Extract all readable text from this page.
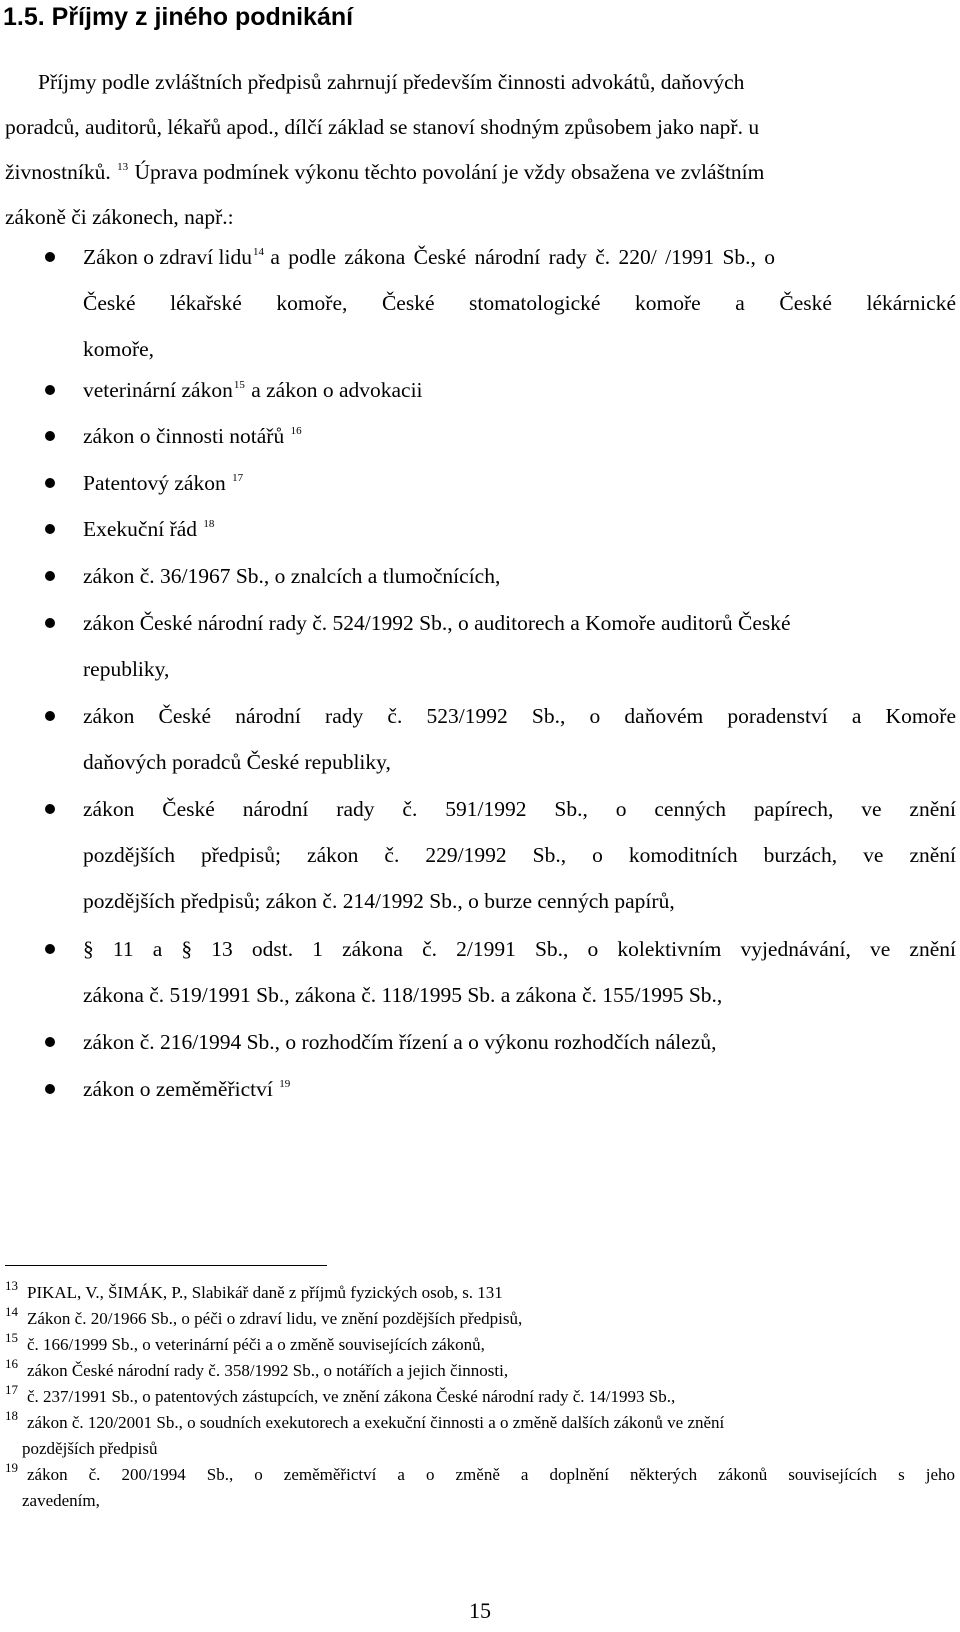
1.5. Příjmy z jiného podnikání
Příjmy podle zvláštních předpisů zahrnují především činnosti advokátů, daňových
poradců, auditorů, lékařů apod., dílčí základ se stanoví shodným způsobem jako např. u
živnostníků. $^{13}$ Úprava podmínek výkonu těchto povolání je vždy obsažena ve zvláštním
zákoně či zákonech, např.:
Zákon o zdraví lidu$^{14}$ a podle zákona České národní rady č. 220/ /1991 Sb., o
České lékařské komoře, České stomatologické komoře a České lékárnické
komoře,
veterinární zákon$^{15}$ a zákon o advokacii
zákon o činnosti notářů $^{16}$
Patentový zákon $^{17}$
Exekuční řád $^{18}$
zákon č. 36/1967 Sb., o znalcích a tlumočnících,
zákon České národní rady č. 524/1992 Sb., o auditorech a Komoře auditorů České
republiky,
zákon České národní rady č. 523/1992 Sb., o daňovém poradenství a Komoře
daňových poradců České republiky,
zákon České národní rady č. 591/1992 Sb., o cenných papírech, ve znění
pozdějších předpisů; zákon č. 229/1992 Sb., o komoditních burzách, ve znění
pozdějších předpisů; zákon č. 214/1992 Sb., o burze cenných papírů,
§ 11 a § 13 odst. 1 zákona č. 2/1991 Sb., o kolektivním vyjednávání, ve znění
zákona č. 519/1991 Sb., zákona č. 118/1995 Sb. a zákona č. 155/1995 Sb.,
zákon č. 216/1994 Sb., o rozhodčím řízení a o výkonu rozhodčích nálezů,
zákon o zeměměřictví $^{19}$
13 PIKAL, V., ŠIMÁK, P., Slabikář daně z příjmů fyzických osob, s. 131
14 Zákon č. 20/1966 Sb., o péči o zdraví lidu, ve znění pozdějších předpisů,
15 č. 166/1999 Sb., o veterinární péči a o změně souvisejících zákonů,
16 zákon České národní rady č. 358/1992 Sb., o notářích a jejich činnosti,
17 č. 237/1991 Sb., o patentových zástupcích, ve znění zákona České národní rady č. 14/1993 Sb.,
18 zákon č. 120/2001 Sb., o soudních exekutorech a exekuční činnosti a o změně dalších zákonů ve znění
pozdějších předpisů
19 zákon č. 200/1994 Sb., o zeměměřictví a o změně a doplnění některých zákonů souvisejících s jeho
zavedením,
15
